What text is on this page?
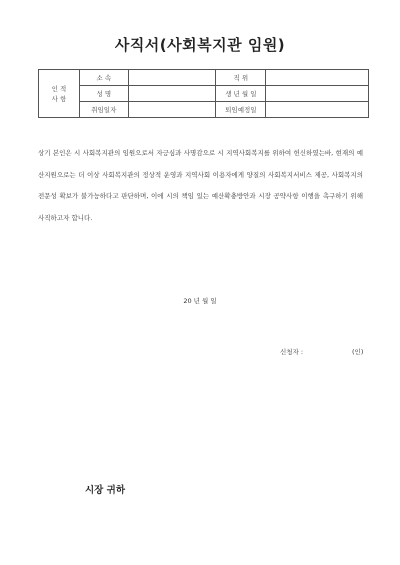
사직서(사회복지관 임원)
인 적
사 항	소 속		직 위	
	성 명		생 년 월 일	
	취임일자		퇴임예정일	
상기 본인은 시 사회복지관의 임원으로서 자긍심과 사명감으로 시 지역사회복지를 위하여 헌신하였는바, 현재의 예산지원으로는 더 이상 사회복지관의 정상적 운영과 지역사회 이용자에게 양질의 사회복지서비스 제공, 사회복지의 전문성 확보가 불가능하다고 판단하며, 이에 시의 책임 있는 예산확충방안과 시장 공약사항 이행을 촉구하기 위해 사직하고자 합니다.
20 년 월 일
신청자 :	(인)
시장 귀하
